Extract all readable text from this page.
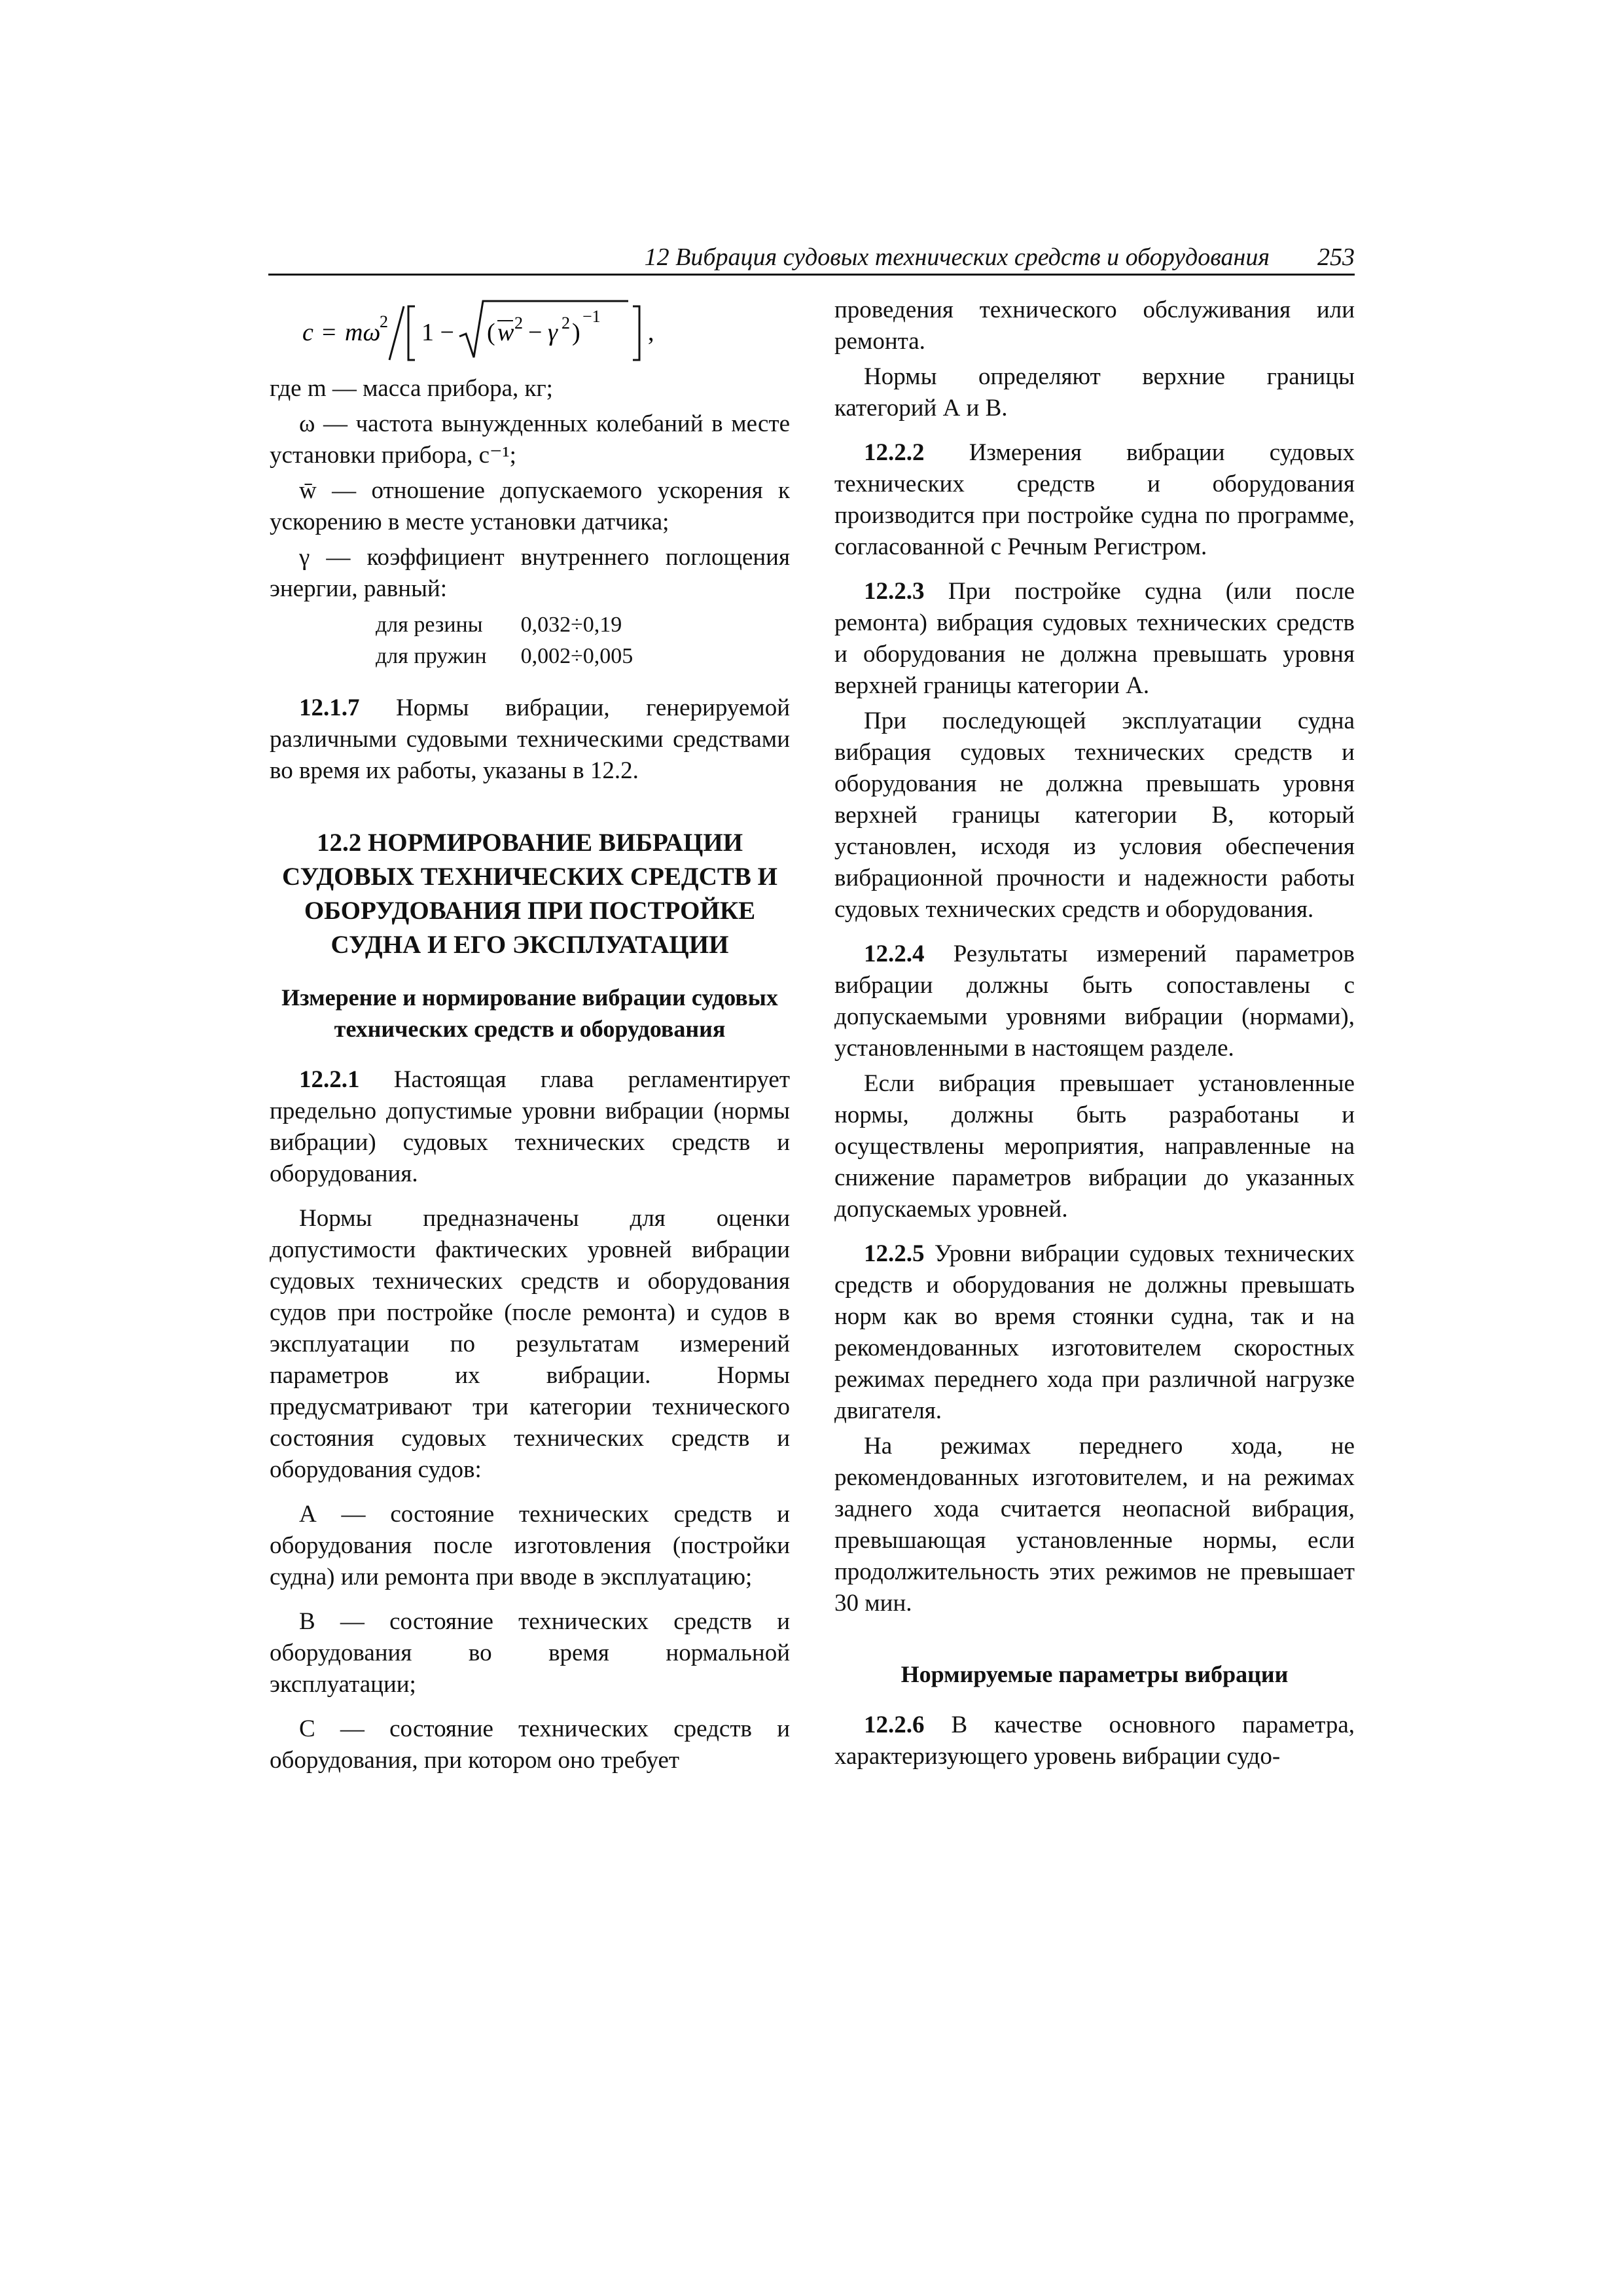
12 Вибрация судовых технических средств и оборудования 253
c = mω
2 1 − ( w 2 − γ 2 )
−1
,

где m — масса прибора, кг;

ω — частота вынужденных колебаний в месте установки прибора, с⁻¹;

w̄ — отношение допускаемого ускорения к ускорению в месте установки датчика;

γ — коэффициент внутреннего поглощения энергии, равный:

для резины	0,032÷0,19
для пружин	0,002÷0,005

12.1.7 Нормы вибрации, генерируемой различными судовыми техническими средствами во время их работы, указаны в 12.2.

12.2 НОРМИРОВАНИЕ ВИБРАЦИИ СУДОВЫХ ТЕХНИЧЕСКИХ СРЕДСТВ И ОБОРУДОВАНИЯ ПРИ ПОСТРОЙКЕ СУДНА И ЕГО ЭКСПЛУАТАЦИИ
Измерение и нормирование вибрации судовых технических средств и оборудования

12.2.1 Настоящая глава регламентирует предельно допустимые уровни вибрации (нормы вибрации) судовых технических средств и оборудования.

Нормы предназначены для оценки допустимости фактических уровней вибрации судовых технических средств и оборудования судов при постройке (после ремонта) и судов в эксплуатации по результатам измерений параметров их вибрации. Нормы предусматривают три категории технического состояния судовых технических средств и оборудования судов:

А — состояние технических средств и оборудования после изготовления (постройки судна) или ремонта при вводе в эксплуатацию;

В — состояние технических средств и оборудования во время нормальной эксплуатации;

С — состояние технических средств и оборудования, при котором оно требует

проведения технического обслуживания или ремонта.

Нормы определяют верхние границы категорий А и В.

12.2.2 Измерения вибрации судовых технических средств и оборудования производится при постройке судна по программе, согласованной с Речным Регистром.

12.2.3 При постройке судна (или после ремонта) вибрация судовых технических средств и оборудования не должна превышать уровня верхней границы категории А.

При последующей эксплуатации судна вибрация судовых технических средств и оборудования не должна превышать уровня верхней границы категории В, который установлен, исходя из условия обеспечения вибрационной прочности и надежности работы судовых технических средств и оборудования.

12.2.4 Результаты измерений параметров вибрации должны быть сопоставлены с допускаемыми уровнями вибрации (нормами), установленными в настоящем разделе.

Если вибрация превышает установленные нормы, должны быть разработаны и осуществлены мероприятия, направленные на снижение параметров вибрации до указанных допускаемых уровней.

12.2.5 Уровни вибрации судовых технических средств и оборудования не должны превышать норм как во время стоянки судна, так и на рекомендованных изготовителем скоростных режимах переднего хода при различной нагрузке двигателя.

На режимах переднего хода, не рекомендованных изготовителем, и на режимах заднего хода считается неопасной вибрация, превышающая установленные нормы, если продолжительность этих режимов не превышает 30 мин.

Нормируемые параметры вибрации

12.2.6 В качестве основного параметра, характеризующего уровень вибрации судо-
